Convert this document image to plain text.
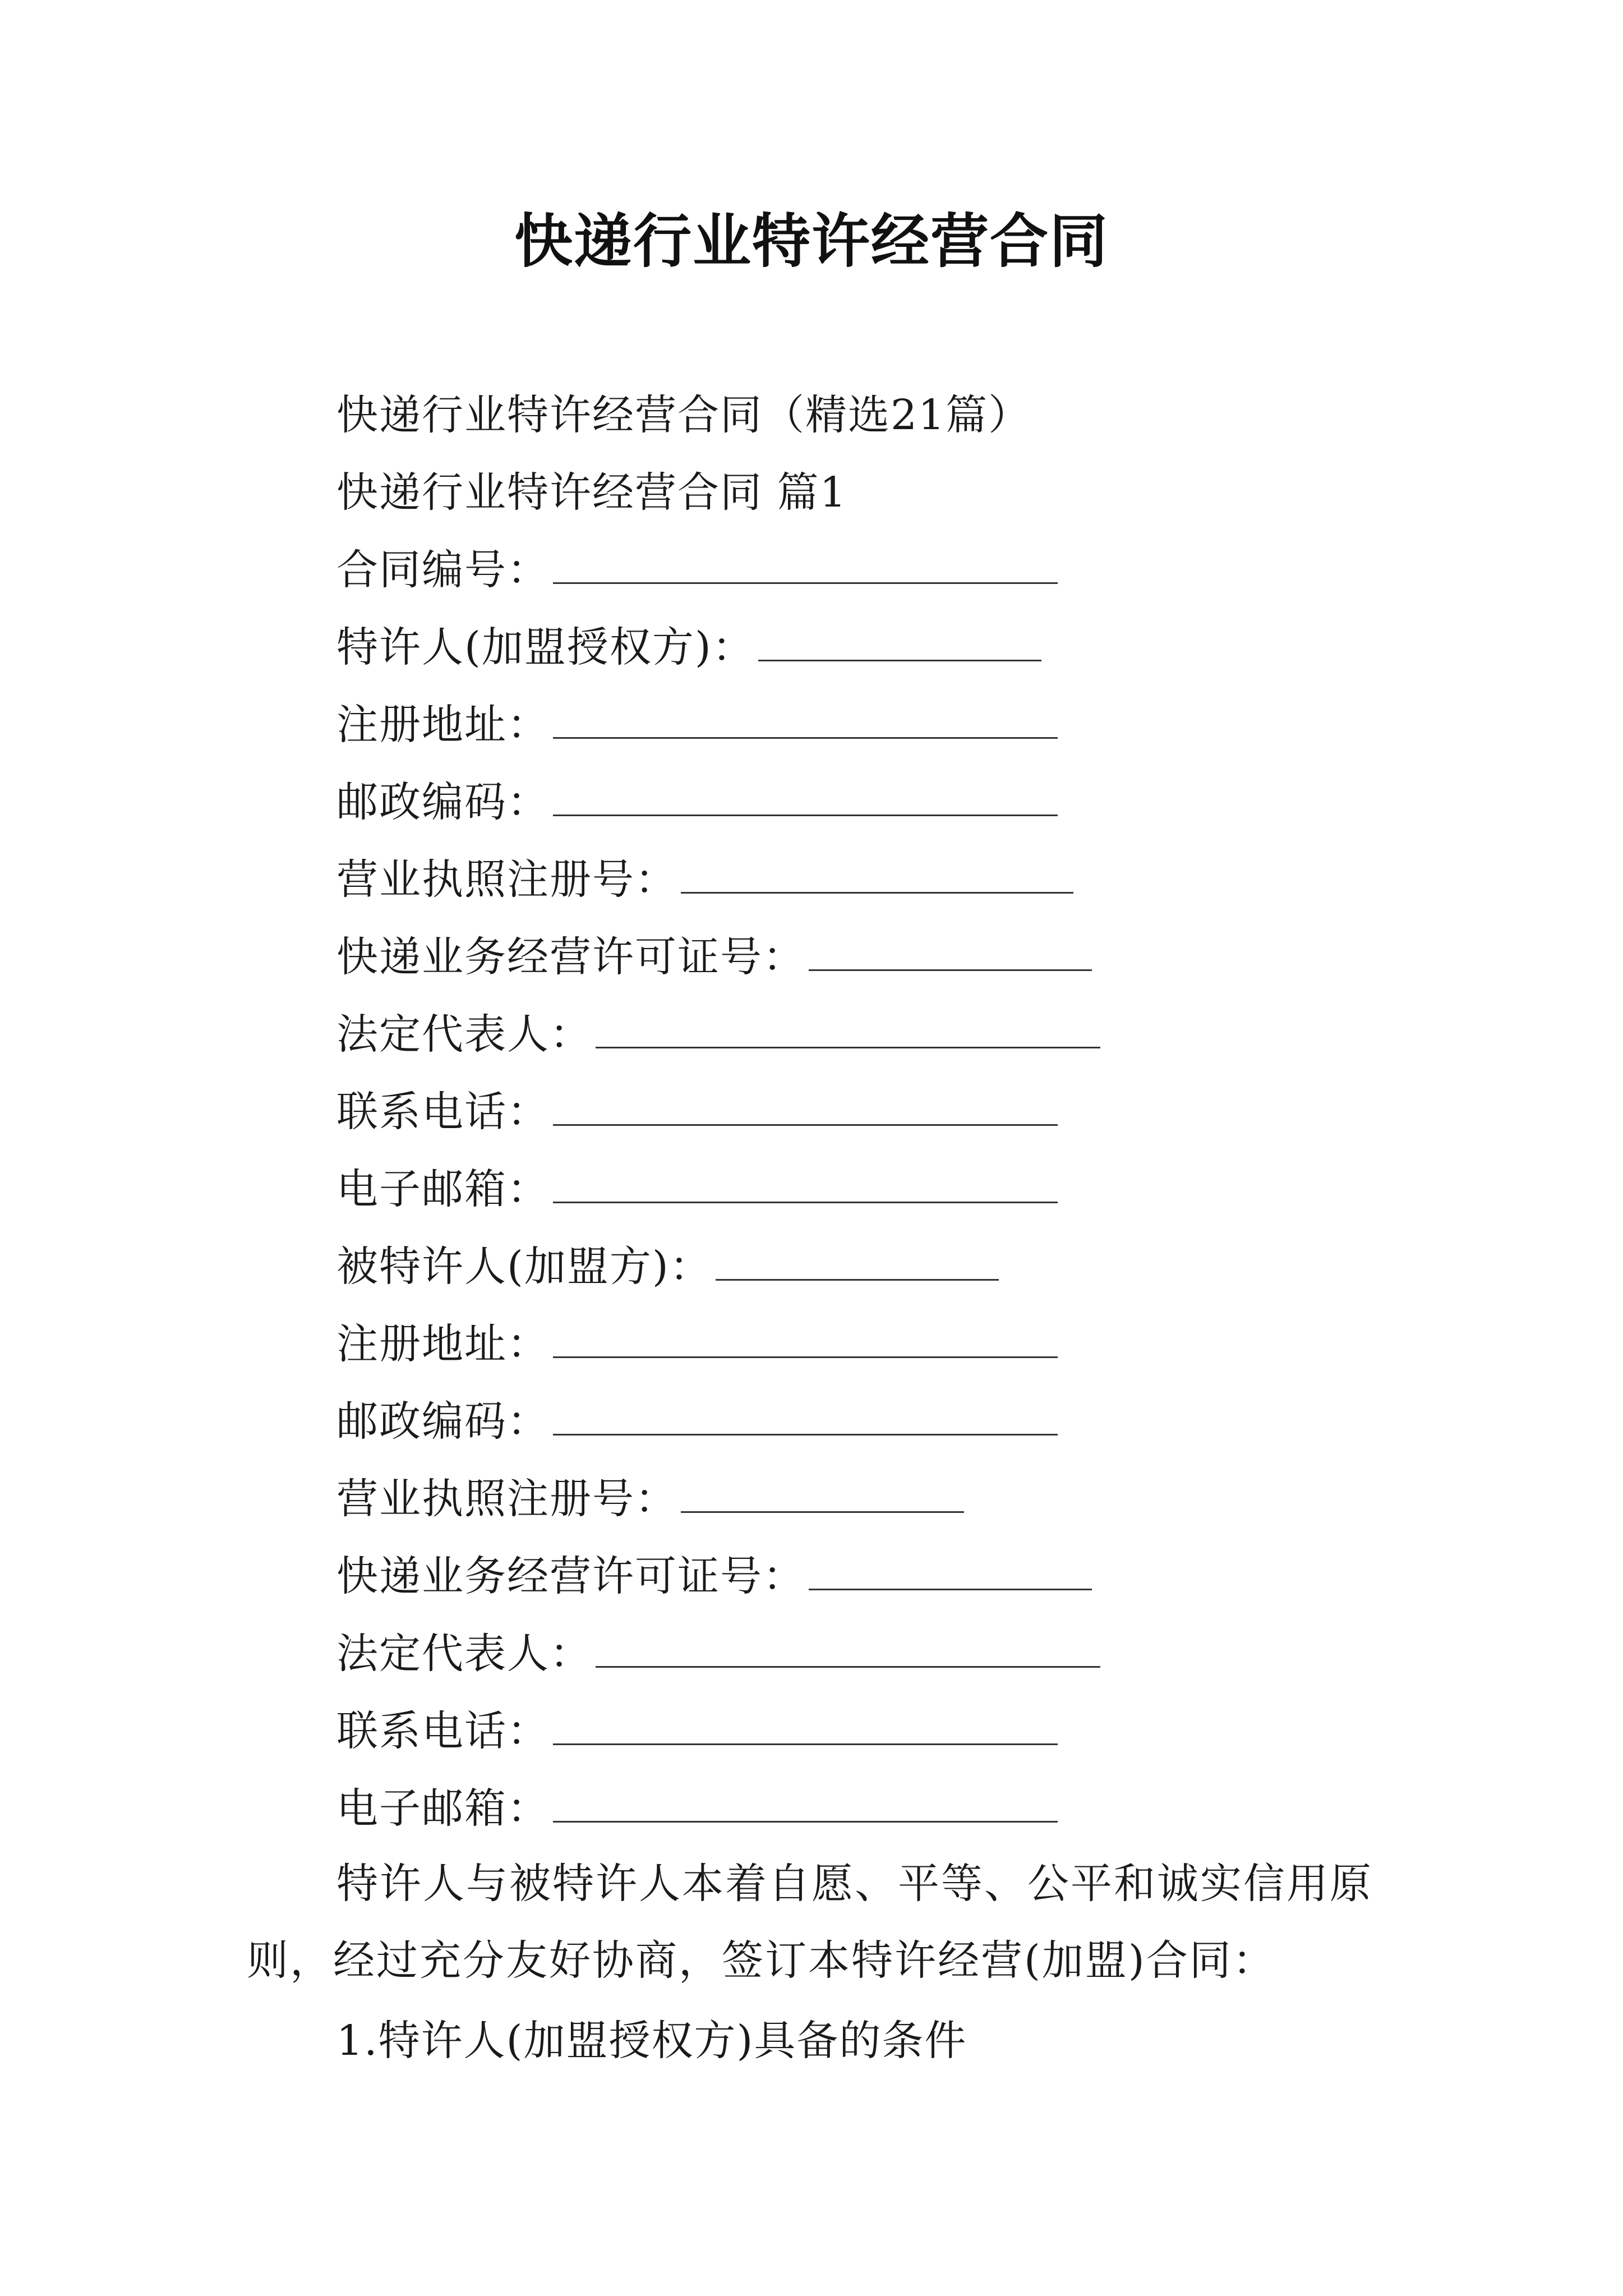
快递行业特许经营合同
快递行业特许经营合同（精选21篇）
快递行业特许经营合同 篇1
合同编号：
特许人(加盟授权方)：
注册地址：
邮政编码：
营业执照注册号：
快递业务经营许可证号：
法定代表人：
联系电话：
电子邮箱：
被特许人(加盟方)：
注册地址：
邮政编码：
营业执照注册号：
快递业务经营许可证号：
法定代表人：
联系电话：
电子邮箱：
特许人与被特许人本着自愿、平等、公平和诚实信用原则，经过充分友好协商，签订本特许经营(加盟)合同：
1.特许人(加盟授权方)具备的条件
